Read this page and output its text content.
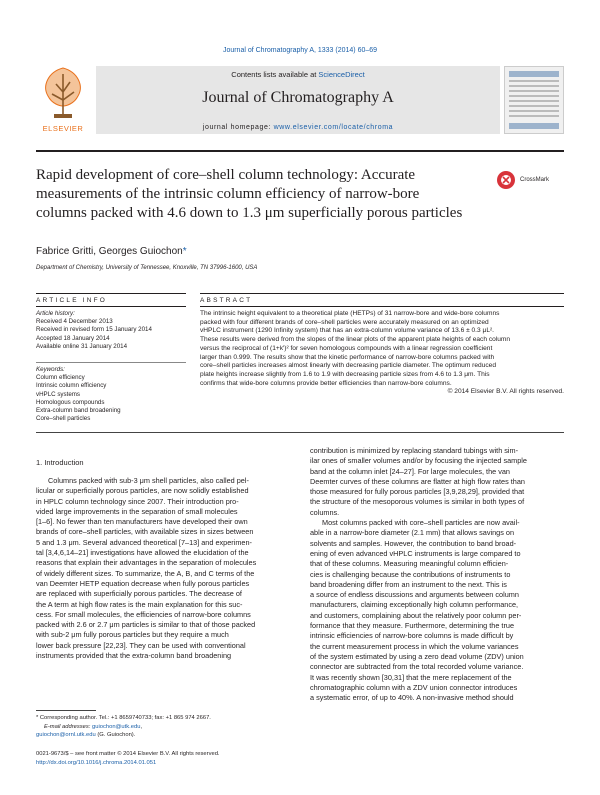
Journal of Chromatography A, 1333 (2014) 60–69
ELSEVIER
Contents lists available at ScienceDirect
Journal of Chromatography A
journal homepage: www.elsevier.com/locate/chroma
Rapid development of core–shell column technology: Accurate measurements of the intrinsic column efficiency of narrow-bore columns packed with 4.6 down to 1.3 μm superficially porous particles
CrossMark
Fabrice Gritti, Georges Guiochon*
Department of Chemistry, University of Tennessee, Knoxville, TN 37996-1600, USA
ARTICLE INFO
Article history:
Received 4 December 2013
Received in revised form 15 January 2014
Accepted 18 January 2014
Available online 31 January 2014
Keywords:
Column efficiency
Intrinsic column efficiency
vHPLC systems
Homologous compounds
Extra-column band broadening
Core–shell particles
ABSTRACT
The intrinsic height equivalent to a theoretical plate (HETPs) of 31 narrow-bore and wide-bore columns
packed with four different brands of core–shell particles were accurately measured on an optimized
vHPLC instrument (1290 Infinity system) that has an extra-column volume variance of 13.6 ± 0.3 μL².
These results were derived from the slopes of the linear plots of the apparent plate heights of each column
versus the reciprocal of (1+k′)² for seven homologous compounds with a linear regression coefficient
larger than 0.999. The results show that the kinetic performance of narrow-bore columns packed with
core–shell particles increases almost linearly with decreasing particle diameter. The optimum reduced
plate heights increase slightly from 1.6 to 1.9 with decreasing particle sizes from 4.6 to 1.3 μm. This
confirms that wide-bore columns provide better efficiencies than narrow-bore columns.
© 2014 Elsevier B.V. All rights reserved.
1. Introduction
Columns packed with sub-3 μm shell particles, also called pel-
licular or superficially porous particles, are now solidly established
in HPLC column technology since 2007. Their introduction pro-
vided large improvements in the separation of small molecules
[1–6]. No fewer than ten manufacturers have developed their own
brands of core–shell particles, with available sizes in sizes between
5 and 1.3 μm. Several advanced theoretical [7–13] and experimen-
tal [3,4,6,14–21] investigations have allowed the elucidation of the
reasons that explain their advantages in the separation of molecules
of widely different sizes. To summarize, the A, B, and C terms of the
van Deemter HETP equation decrease when fully porous particles
are replaced with superficially porous particles. The decrease of
the A term at high flow rates is the main explanation for this suc-
cess. For small molecules, the efficiencies of narrow-bore columns
packed with 2.6 or 2.7 μm particles is similar to that of those packed
with sub-2 μm fully porous particles but they require a much
lower back pressure [22,23]. They can be used with conventional
instruments provided that the extra-column band broadening
contribution is minimized by replacing standard tubings with sim-
ilar ones of smaller volumes and/or by focusing the injected sample
band at the column inlet [24–27]. For large molecules, the van
Deemter curves of these columns are flatter at high flow rates than
those measured for fully porous particles [3,9,28,29], provided that
the structure of the mesoporous volumes is similar in both types of
columns.
Most columns packed with core–shell particles are now avail-
able in a narrow-bore diameter (2.1 mm) that allows savings on
solvents and samples. However, the contribution to band broad-
ening of even advanced vHPLC instruments is large compared to
that of these columns. Measuring meaningful column efficien-
cies is challenging because the contributions of instruments to
band broadening differ from an instrument to the next. This is
a source of endless discussions and arguments between column
manufacturers, claiming exceptionally high column performance,
and customers, complaining about the relatively poor column per-
formance that they measure. Furthermore, determining the true
intrinsic efficiencies of narrow-bore columns is made difficult by
the current measurement process in which the volume variances
of the system estimated by using a zero dead volume (ZDV) union
connector are subtracted from the total recorded volume variance.
It was recently shown [30,31] that the mere replacement of the
chromatographic column with a ZDV union connector introduces
a systematic error, of up to 40%. A non-invasive method should
* Corresponding author. Tel.: +1 8659740733; fax: +1 865 974 2667.
E-mail addresses: guiochon@utk.edu,
guiochon@ornl.utk.edu (G. Guiochon).
0021-9673/$ – see front matter © 2014 Elsevier B.V. All rights reserved.
http://dx.doi.org/10.1016/j.chroma.2014.01.051
